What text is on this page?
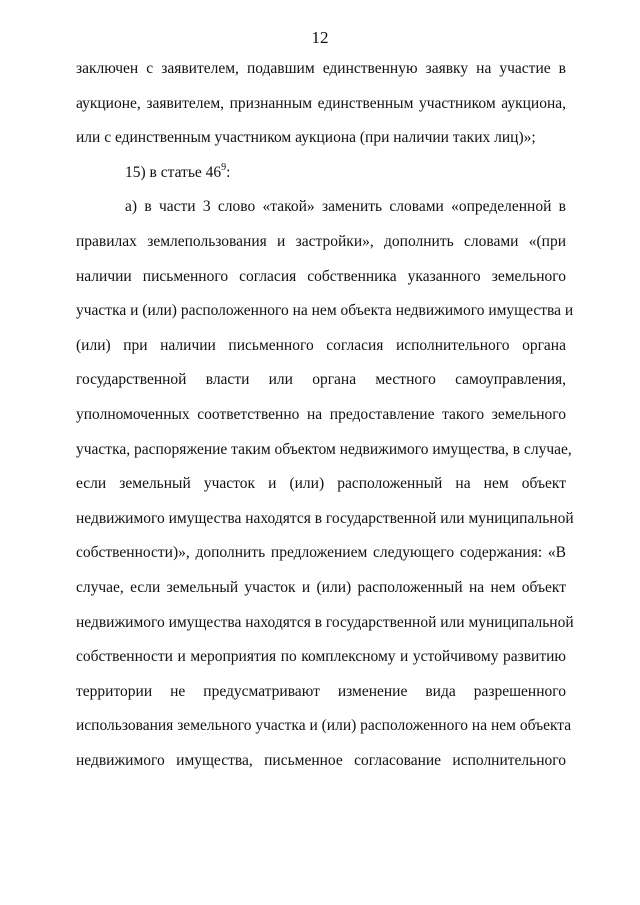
12
заключен с заявителем, подавшим единственную заявку на участие в
аукционе, заявителем, признанным единственным участником аукциона,
или с единственным участником аукциона (при наличии таких лиц)»;
15) в статье $46^9$:
а) в части 3 слово «такой» заменить словами «определенной в
правилах землепользования и застройки», дополнить словами «(при
наличии письменного согласия собственника указанного земельного
участка и (или) расположенного на нем объекта недвижимого имущества и
(или) при наличии письменного согласия исполнительного органа
государственной власти или органа местного самоуправления,
уполномоченных соответственно на предоставление такого земельного
участка, распоряжение таким объектом недвижимого имущества, в случае,
если земельный участок и (или) расположенный на нем объект
недвижимого имущества находятся в государственной или муниципальной
собственности)», дополнить предложением следующего содержания: «В
случае, если земельный участок и (или) расположенный на нем объект
недвижимого имущества находятся в государственной или муниципальной
собственности и мероприятия по комплексному и устойчивому развитию
территории не предусматривают изменение вида разрешенного
использования земельного участка и (или) расположенного на нем объекта
недвижимого имущества, письменное согласование исполнительного
